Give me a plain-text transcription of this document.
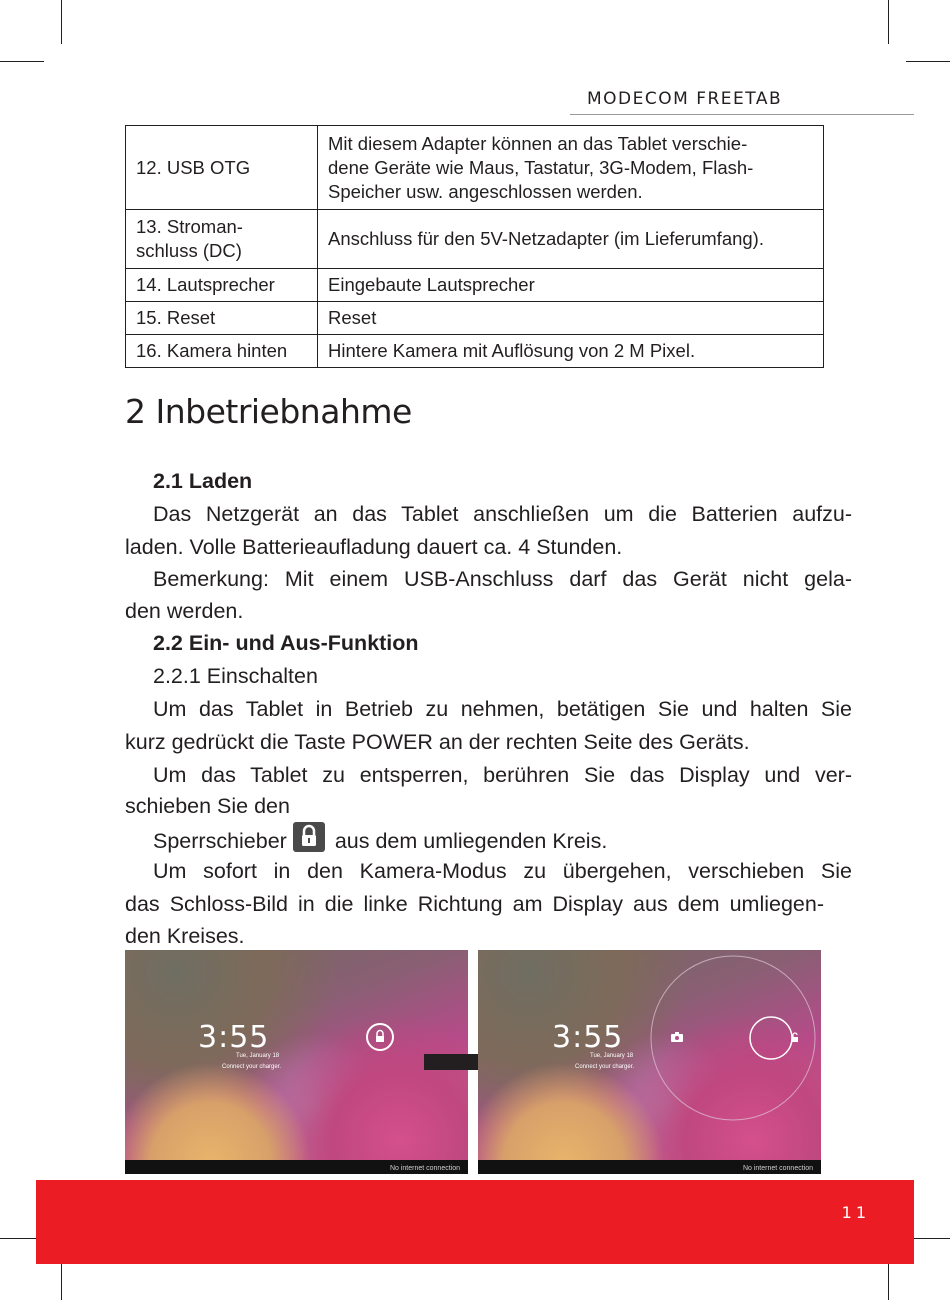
MODECOM FREETAB
12. USB OTG	Mit diesem Adapter können an das Tablet verschie-
dene Geräte wie Maus, Tastatur, 3G-Modem, Flash-
Speicher usw. angeschlossen werden.

13. Stroman-
schluss (DC)	Anschluss für den 5V-Netzadapter (im Lieferumfang).
14. Lautsprecher	Eingebaute Lautsprecher
15. Reset	Reset
16. Kamera hinten	Hintere Kamera mit Auflösung von 2 M Pixel.
2 Inbetriebnahme
2.1 Laden
Das Netzgerät an das Tablet anschließen um die Batterien aufzu-
laden. Volle Batterieaufladung dauert ca. 4 Stunden.
Bemerkung: Mit einem USB-Anschluss darf das Gerät nicht gela-
den werden.
2.2 Ein- und Aus-Funktion
2.2.1 Einschalten
Um das Tablet in Betrieb zu nehmen, betätigen Sie und halten Sie
kurz gedrückt die Taste POWER an der rechten Seite des Geräts.
Um das Tablet zu entsperren, berühren Sie das Display und ver-
schieben Sie den
Sperrschieber aus dem umliegenden Kreis.
Um sofort in den Kamera-Modus zu übergehen, verschieben Sie
das Schloss-Bild in die linke Richtung am Display aus dem umliegen-
den Kreises.
3:55
Tue, January 18
Connect your charger.
No internet connection
3:55
Tue, January 18
Connect your charger.
No internet connection
11
